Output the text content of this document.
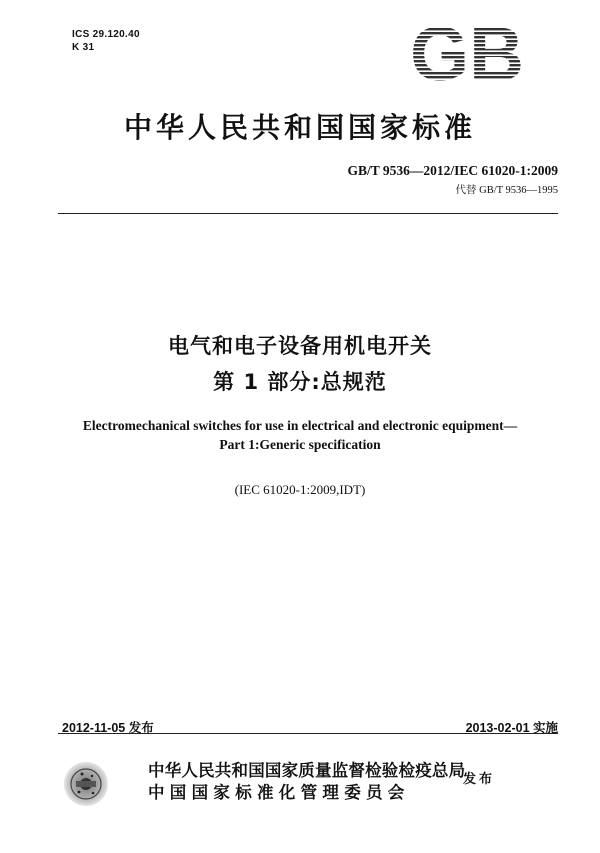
ICS 29.120.40
K 31	GB
中华人民共和国国家标准
GB/T 9536—2012/IEC 61020-1:2009
代替 GB/T 9536—1995
电气和电子设备用机电开关
第 1 部分:总规范
Electromechanical switches for use in electrical and electronic equipment—
Part 1:Generic specification
(IEC 61020-1:2009,IDT)
2012-11-05 发布	2013-02-01 实施
中华人民共和国国家质量监督检验检疫总局
中国国家标准化管理委员会
发布
